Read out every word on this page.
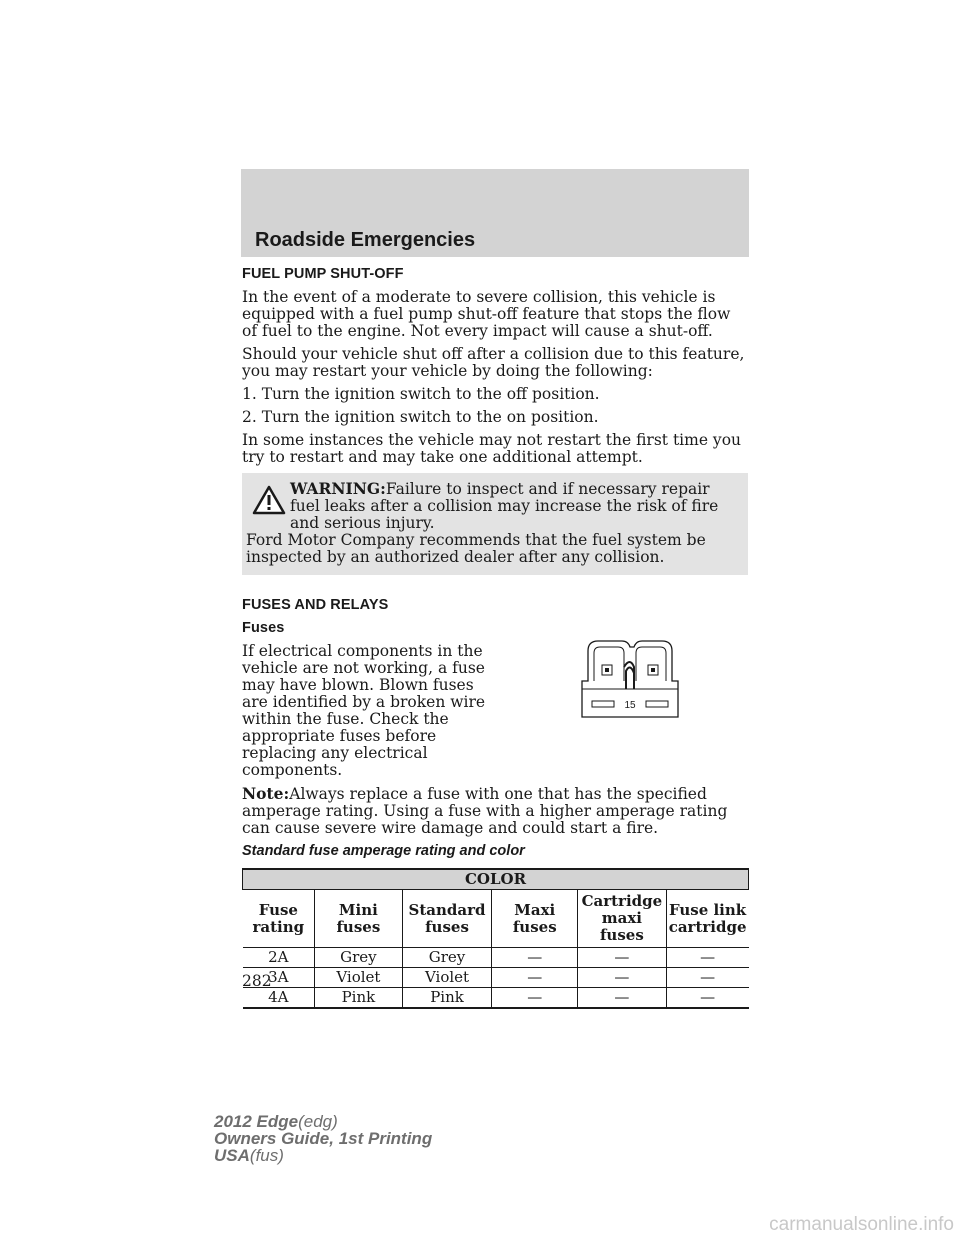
Roadside Emergencies
FUEL PUMP SHUT-OFF

In the event of a moderate to severe collision, this vehicle is equipped with a fuel pump shut-off feature that stops the flow of fuel to the engine. Not every impact will cause a shut-off.

Should your vehicle shut off after a collision due to this feature, you may restart your vehicle by doing the following:

1. Turn the ignition switch to the off position.

2. Turn the ignition switch to the on position.

In some instances the vehicle may not restart the first time you try to restart and may take one additional attempt.

WARNING:Failure to inspect and if necessary repair fuel leaks after a collision may increase the risk of fire and serious injury.
Ford Motor Company recommends that the fuel system be inspected by an authorized dealer after any collision.
FUSES AND RELAYS
Fuses

If electrical components in the vehicle are not working, a fuse may have blown. Blown fuses are identified by a broken wire within the fuse. Check the appropriate fuses before replacing any electrical components.

15

Note:Always replace a fuse with one that has the specified amperage rating. Using a fuse with a higher amperage rating can cause severe wire damage and could start a fire.

Standard fuse amperage rating and color
COLOR					
Fuse rating	Mini fuses	Standard fuses	Maxi fuses	Cartridge maxi fuses	Fuse link cartridge
2A	Grey	Grey	—	—	—
3A	Violet	Violet	—	—	—
4A	Pink	Pink	—	—	—
282
2012 Edge(edg)
Owners Guide, 1st Printing
USA(fus)
carmanualsonline.info
